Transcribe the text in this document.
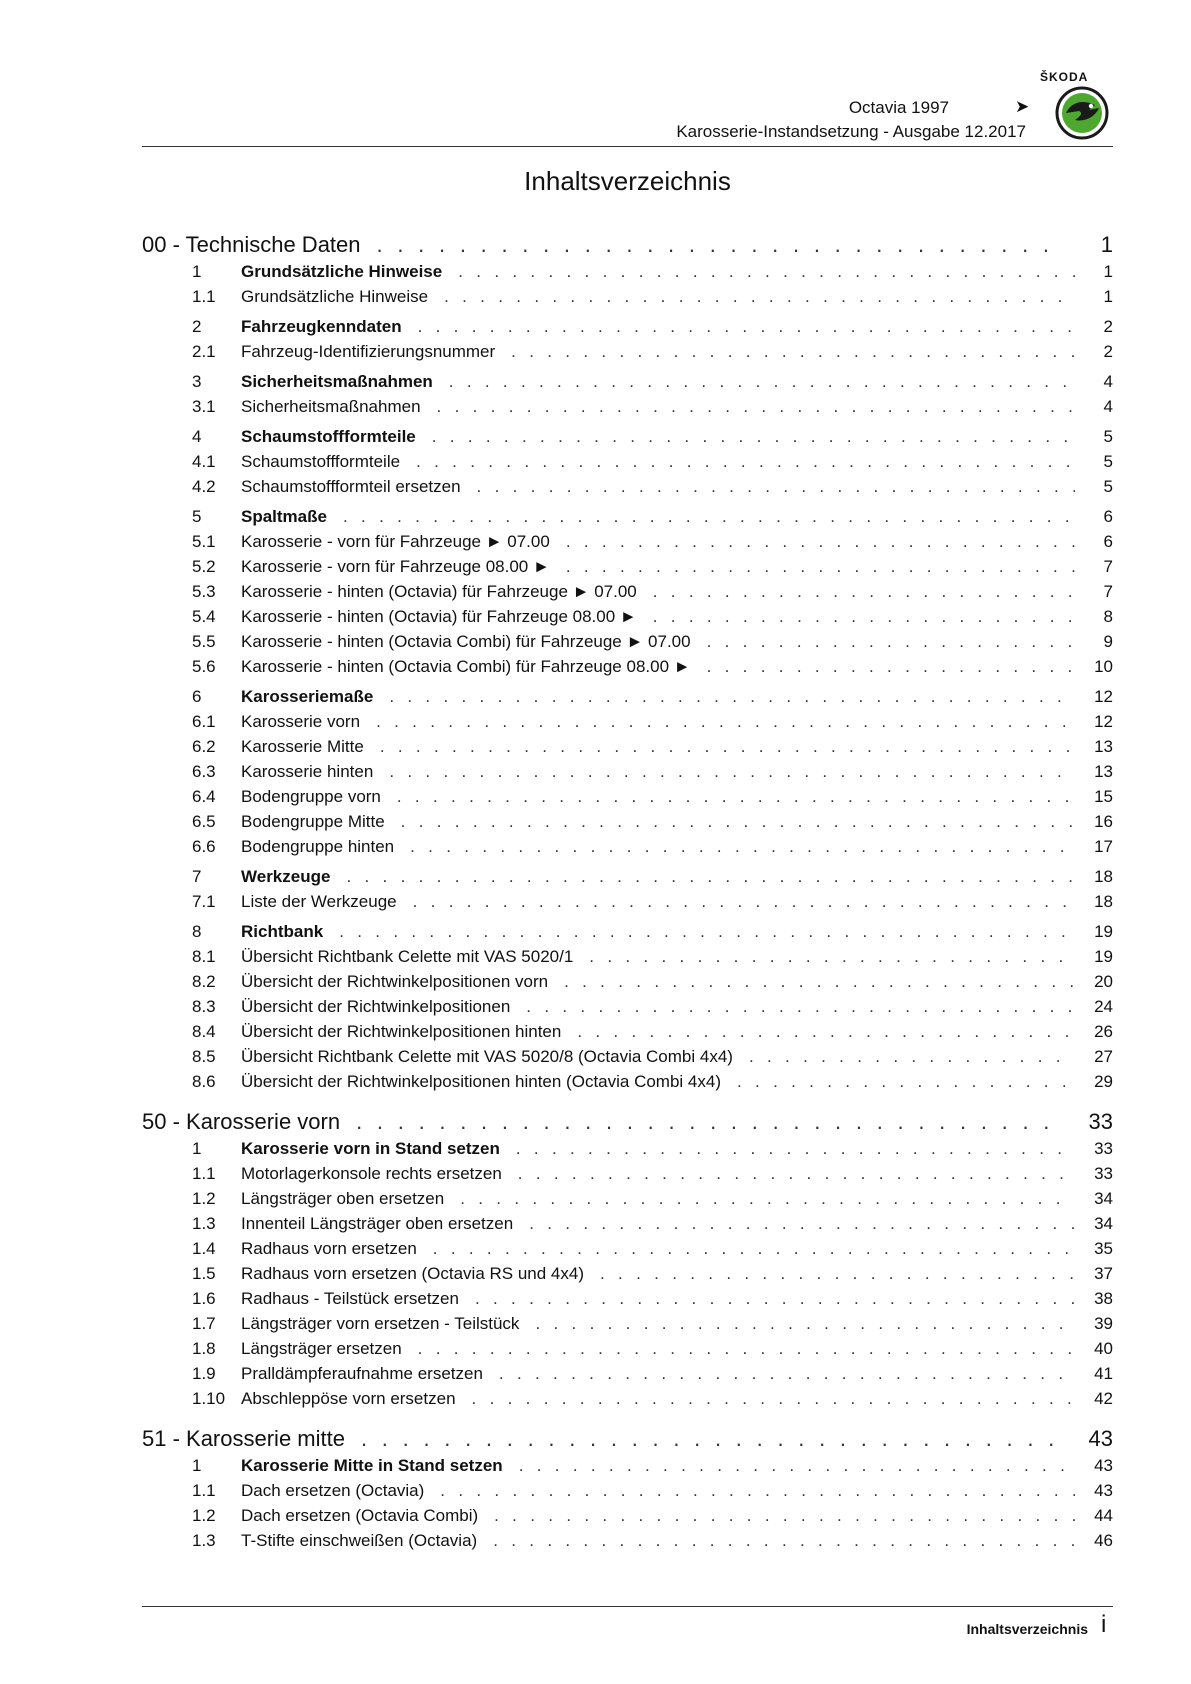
ŠKODA
Octavia 1997	➤
Karosserie-Instandsetzung - Ausgabe 12.2017
Inhaltsverzeichnis
00 - Technische Daten . . .	1
1	Grundsätzliche Hinweise . . .	1
1.1	Grundsätzliche Hinweise . . .	1
2	Fahrzeugkenndaten . . .	2
2.1	Fahrzeug-Identifizierungsnummer . . .	2
3	Sicherheitsmaßnahmen . . .	4
3.1	Sicherheitsmaßnahmen . . .	4
4	Schaumstoffformteile . . .	5
4.1	Schaumstoffformteile . . .	5
4.2	Schaumstoffformteil ersetzen . . .	5
5	Spaltmaße . . .	6
5.1	Karosserie - vorn für Fahrzeuge ► 07.00 . . .	6
5.2	Karosserie - vorn für Fahrzeuge 08.00 ► . . .	7
5.3	Karosserie - hinten (Octavia) für Fahrzeuge ► 07.00 . . .	7
5.4	Karosserie - hinten (Octavia) für Fahrzeuge 08.00 ► . . .	8
5.5	Karosserie - hinten (Octavia Combi) für Fahrzeuge ► 07.00 . . .	9
5.6	Karosserie - hinten (Octavia Combi) für Fahrzeuge 08.00 ► . . .	10
6	Karosseriemaße . . .	12
6.1	Karosserie vorn . . .	12
6.2	Karosserie Mitte . . .	13
6.3	Karosserie hinten . . .	13
6.4	Bodengruppe vorn . . .	15
6.5	Bodengruppe Mitte . . .	16
6.6	Bodengruppe hinten . . .	17
7	Werkzeuge . . .	18
7.1	Liste der Werkzeuge . . .	18
8	Richtbank . . .	19
8.1	Übersicht Richtbank Celette mit VAS 5020/1 . . .	19
8.2	Übersicht der Richtwinkelpositionen vorn . . .	20
8.3	Übersicht der Richtwinkelpositionen . . .	24
8.4	Übersicht der Richtwinkelpositionen hinten . . .	26
8.5	Übersicht Richtbank Celette mit VAS 5020/8 (Octavia Combi 4x4) . . .	27
8.6	Übersicht der Richtwinkelpositionen hinten (Octavia Combi 4x4) . . .	29
50 - Karosserie vorn . . .	33
1	Karosserie vorn in Stand setzen . . .	33
1.1	Motorlagerkonsole rechts ersetzen . . .	33
1.2	Längsträger oben ersetzen . . .	34
1.3	Innenteil Längsträger oben ersetzen . . .	34
1.4	Radhaus vorn ersetzen . . .	35
1.5	Radhaus vorn ersetzen (Octavia RS und 4x4) . . .	37
1.6	Radhaus - Teilstück ersetzen . . .	38
1.7	Längsträger vorn ersetzen - Teilstück . . .	39
1.8	Längsträger ersetzen . . .	40
1.9	Pralldämpferaufnahme ersetzen . . .	41
1.10 Abschleppöse vorn ersetzen . . .	42
51 - Karosserie mitte . . .	43
1	Karosserie Mitte in Stand setzen . . .	43
1.1	Dach ersetzen (Octavia) . . .	43
1.2	Dach ersetzen (Octavia Combi) . . .	44
1.3	T-Stifte einschweißen (Octavia) . . .	46
Inhaltsverzeichnis i
